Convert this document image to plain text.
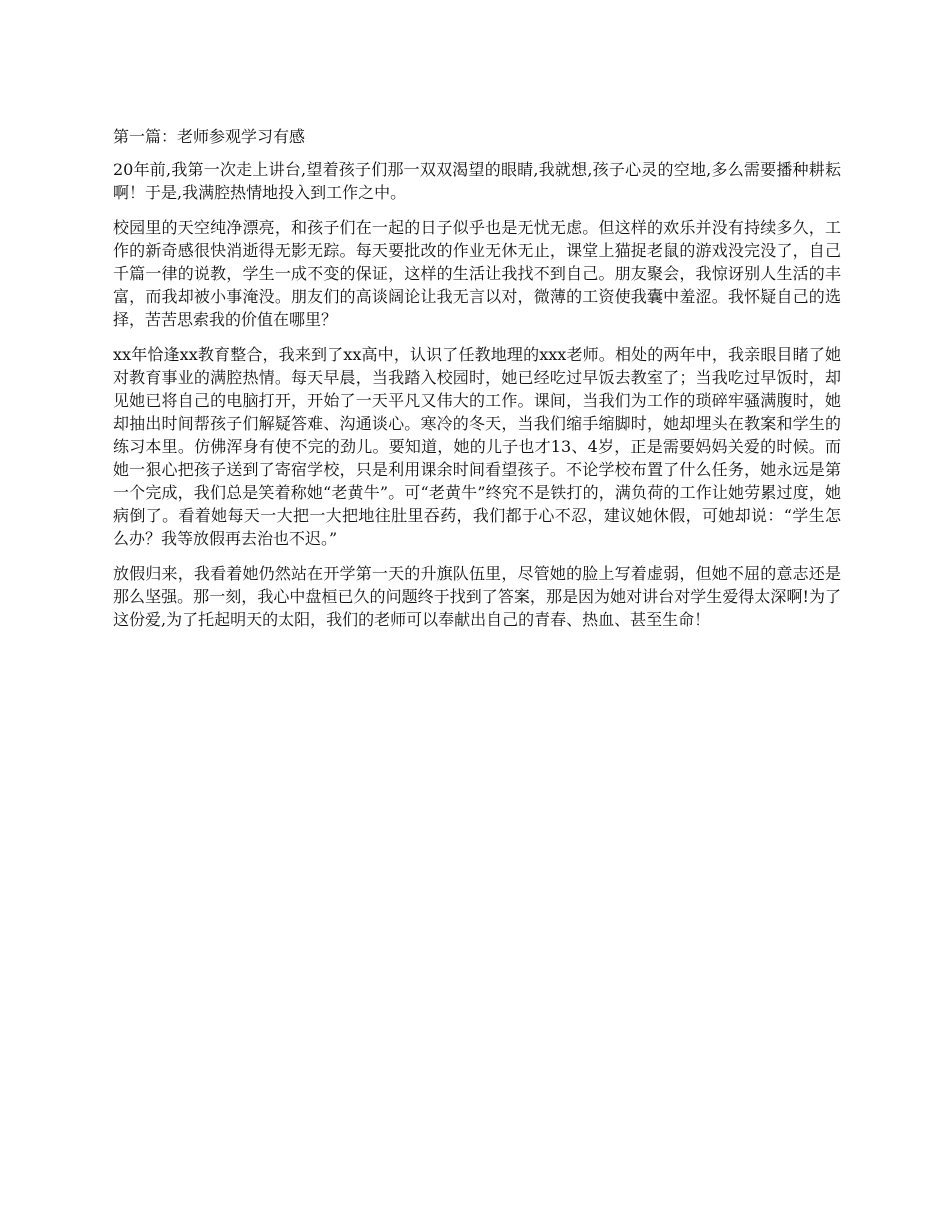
第一篇：老师参观学习有感

20年前,我第一次走上讲台,望着孩子们那一双双渴望的眼睛,我就想,孩子心灵的空地,多么需要播种耕耘啊！于是,我满腔热情地投入到工作之中。

校园里的天空纯净漂亮，和孩子们在一起的日子似乎也是无忧无虑。但这样的欢乐并没有持续多久，工作的新奇感很快消逝得无影无踪。每天要批改的作业无休无止，课堂上猫捉老鼠的游戏没完没了，自己千篇一律的说教，学生一成不变的保证，这样的生活让我找不到自己。朋友聚会，我惊讶别人生活的丰富，而我却被小事淹没。朋友们的高谈阔论让我无言以对，微薄的工资使我囊中羞涩。我怀疑自己的选择，苦苦思索我的价值在哪里？

xx年恰逢xx教育整合，我来到了xx高中，认识了任教地理的xxx老师。相处的两年中，我亲眼目睹了她对教育事业的满腔热情。每天早晨，当我踏入校园时，她已经吃过早饭去教室了；当我吃过早饭时，却见她已将自己的电脑打开，开始了一天平凡又伟大的工作。课间，当我们为工作的琐碎牢骚满腹时，她却抽出时间帮孩子们解疑答难、沟通谈心。寒冷的冬天，当我们缩手缩脚时，她却埋头在教案和学生的练习本里。仿佛浑身有使不完的劲儿。要知道，她的儿子也才13、4岁，正是需要妈妈关爱的时候。而她一狠心把孩子送到了寄宿学校，只是利用课余时间看望孩子。不论学校布置了什么任务，她永远是第一个完成，我们总是笑着称她“老黄牛”。可“老黄牛”终究不是铁打的，满负荷的工作让她劳累过度，她病倒了。看着她每天一大把一大把地往肚里吞药，我们都于心不忍，建议她休假，可她却说：“学生怎么办？我等放假再去治也不迟。”

放假归来，我看着她仍然站在开学第一天的升旗队伍里，尽管她的脸上写着虚弱，但她不屈的意志还是那么坚强。那一刻，我心中盘桓已久的问题终于找到了答案，那是因为她对讲台对学生爱得太深啊!为了这份爱,为了托起明天的太阳，我们的老师可以奉献出自己的青春、热血、甚至生命！
